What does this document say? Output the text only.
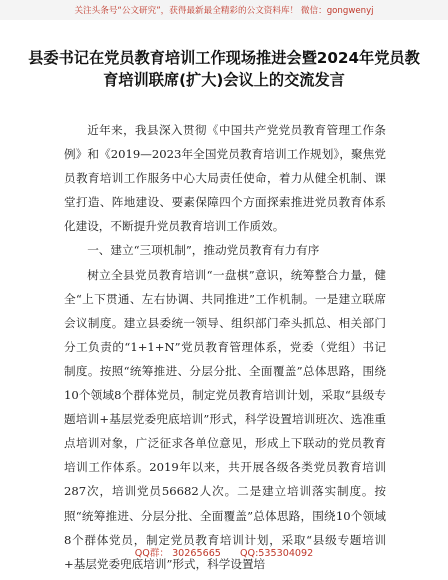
关注头条号“公文研究”，获得最新最全精彩的公文资料库！ 微信：gongwenyj
县委书记在党员教育培训工作现场推进会暨2024年党员教育培训联席(扩大)会议上的交流发言

近年来，我县深入贯彻《中国共产党党员教育管理工作条例》和《2019—2023年全国党员教育培训工作规划》，聚焦党员教育培训工作服务中心大局责任使命，着力从健全机制、课堂打造、阵地建设、要素保障四个方面探索推进党员教育体系化建设，不断提升党员教育培训工作质效。

一、建立“三项机制”，推动党员教育有力有序

树立全县党员教育培训“一盘棋”意识，统筹整合力量，健全“上下贯通、左右协调、共同推进”工作机制。一是建立联席会议制度。建立县委统一领导、组织部门牵头抓总、相关部门分工负责的“1+1+N”党员教育管理体系，党委（党组）书记制度。按照“统筹推进、分层分批、全面覆盖”总体思路，围绕10个领域8个群体党员，制定党员教育培训计划，采取“县级专题培训+基层党委兜底培训”形式，科学设置培训班次、选准重点培训对象，广泛征求各单位意见，形成上下联动的党员教育培训工作体系。2019年以来，共开展各级各类党员教育培训287次，培训党员56682人次。二是建立培训落实制度。按照“统筹推进、分层分批、全面覆盖”总体思路，围绕10个领域8个群体党员，制定党员教育培训计划，采取“县级专题培训+基层党委兜底培训”形式，科学设置培

QQ群： 30265665 QQ:535304092
